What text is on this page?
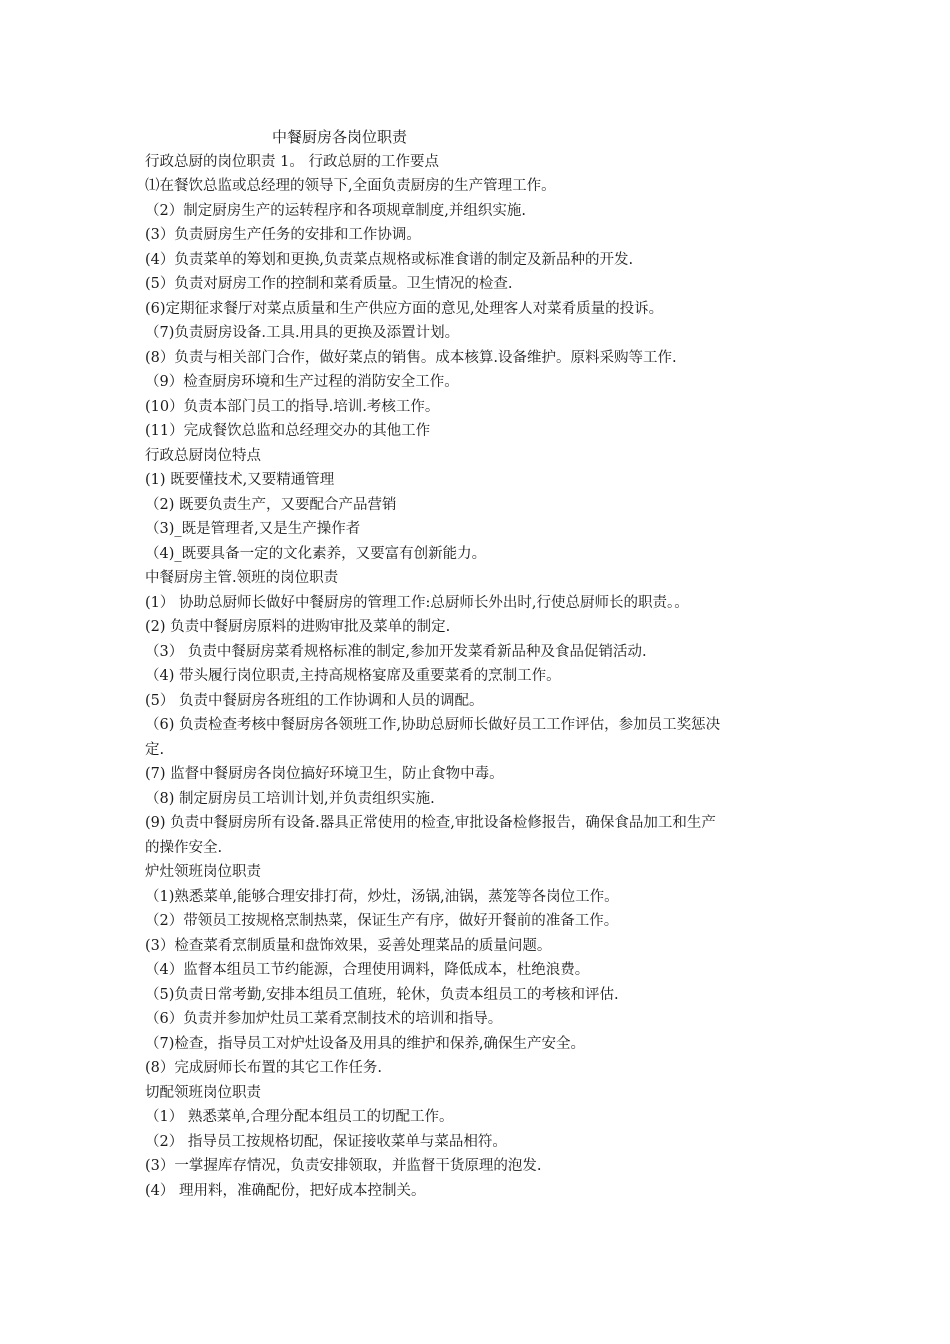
中餐厨房各岗位职责
行政总厨的岗位职责 1。 行政总厨的工作要点
⑴在餐饮总监或总经理的领导下,全面负责厨房的生产管理工作。
（2）制定厨房生产的运转程序和各项规章制度,并组织实施.
(3）负责厨房生产任务的安排和工作协调。
(4）负责菜单的筹划和更换,负责菜点规格或标准食谱的制定及新品种的开发.
(5）负责对厨房工作的控制和菜肴质量。卫生情况的检查.
(6)定期征求餐厅对菜点质量和生产供应方面的意见,处理客人对菜肴质量的投诉。
（7)负责厨房设备.工具.用具的更换及添置计划。
(8）负责与相关部门合作，做好菜点的销售。成本核算.设备维护。原料采购等工作.
（9）检查厨房环境和生产过程的消防安全工作。
(10）负责本部门员工的指导.培训.考核工作。
(11）完成餐饮总监和总经理交办的其他工作
行政总厨岗位特点
(1) 既要懂技术,又要精通管理
（2) 既要负责生产，又要配合产品营销
（3)_既是管理者,又是生产操作者
（4)_既要具备一定的文化素养，又要富有创新能力。
中餐厨房主管.领班的岗位职责
(1） 协助总厨师长做好中餐厨房的管理工作:总厨师长外出时,行使总厨师长的职责。。
(2) 负责中餐厨房原料的进购审批及菜单的制定.
（3） 负责中餐厨房菜肴规格标准的制定,参加开发菜肴新品种及食品促销活动.
（4) 带头履行岗位职责,主持高规格宴席及重要菜肴的烹制工作。
(5） 负责中餐厨房各班组的工作协调和人员的调配。
（6) 负责检查考核中餐厨房各领班工作,协助总厨师长做好员工工作评估，参加员工奖惩决
定.
(7) 监督中餐厨房各岗位搞好环境卫生，防止食物中毒。
（8) 制定厨房员工培训计划,并负责组织实施.
(9) 负责中餐厨房所有设备.器具正常使用的检查,审批设备检修报告，确保食品加工和生产
的操作安全.
炉灶领班岗位职责
（1)熟悉菜单,能够合理安排打荷，炒灶，汤锅,油锅，蒸笼等各岗位工作。
（2）带领员工按规格烹制热菜，保证生产有序，做好开餐前的准备工作。
(3）检查菜肴烹制质量和盘饰效果，妥善处理菜品的质量问题。
（4）监督本组员工节约能源，合理使用调料，降低成本，杜绝浪费。
（5)负责日常考勤,安排本组员工值班，轮休，负责本组员工的考核和评估.
（6）负责并参加炉灶员工菜肴烹制技术的培训和指导。
（7)检查，指导员工对炉灶设备及用具的维护和保养,确保生产安全。
(8）完成厨师长布置的其它工作任务.
切配领班岗位职责
（1） 熟悉菜单,合理分配本组员工的切配工作。
（2） 指导员工按规格切配，保证接收菜单与菜品相符。
(3）一掌握库存情况，负责安排领取，并监督干货原理的泡发.
(4） 理用料，准确配份，把好成本控制关。
